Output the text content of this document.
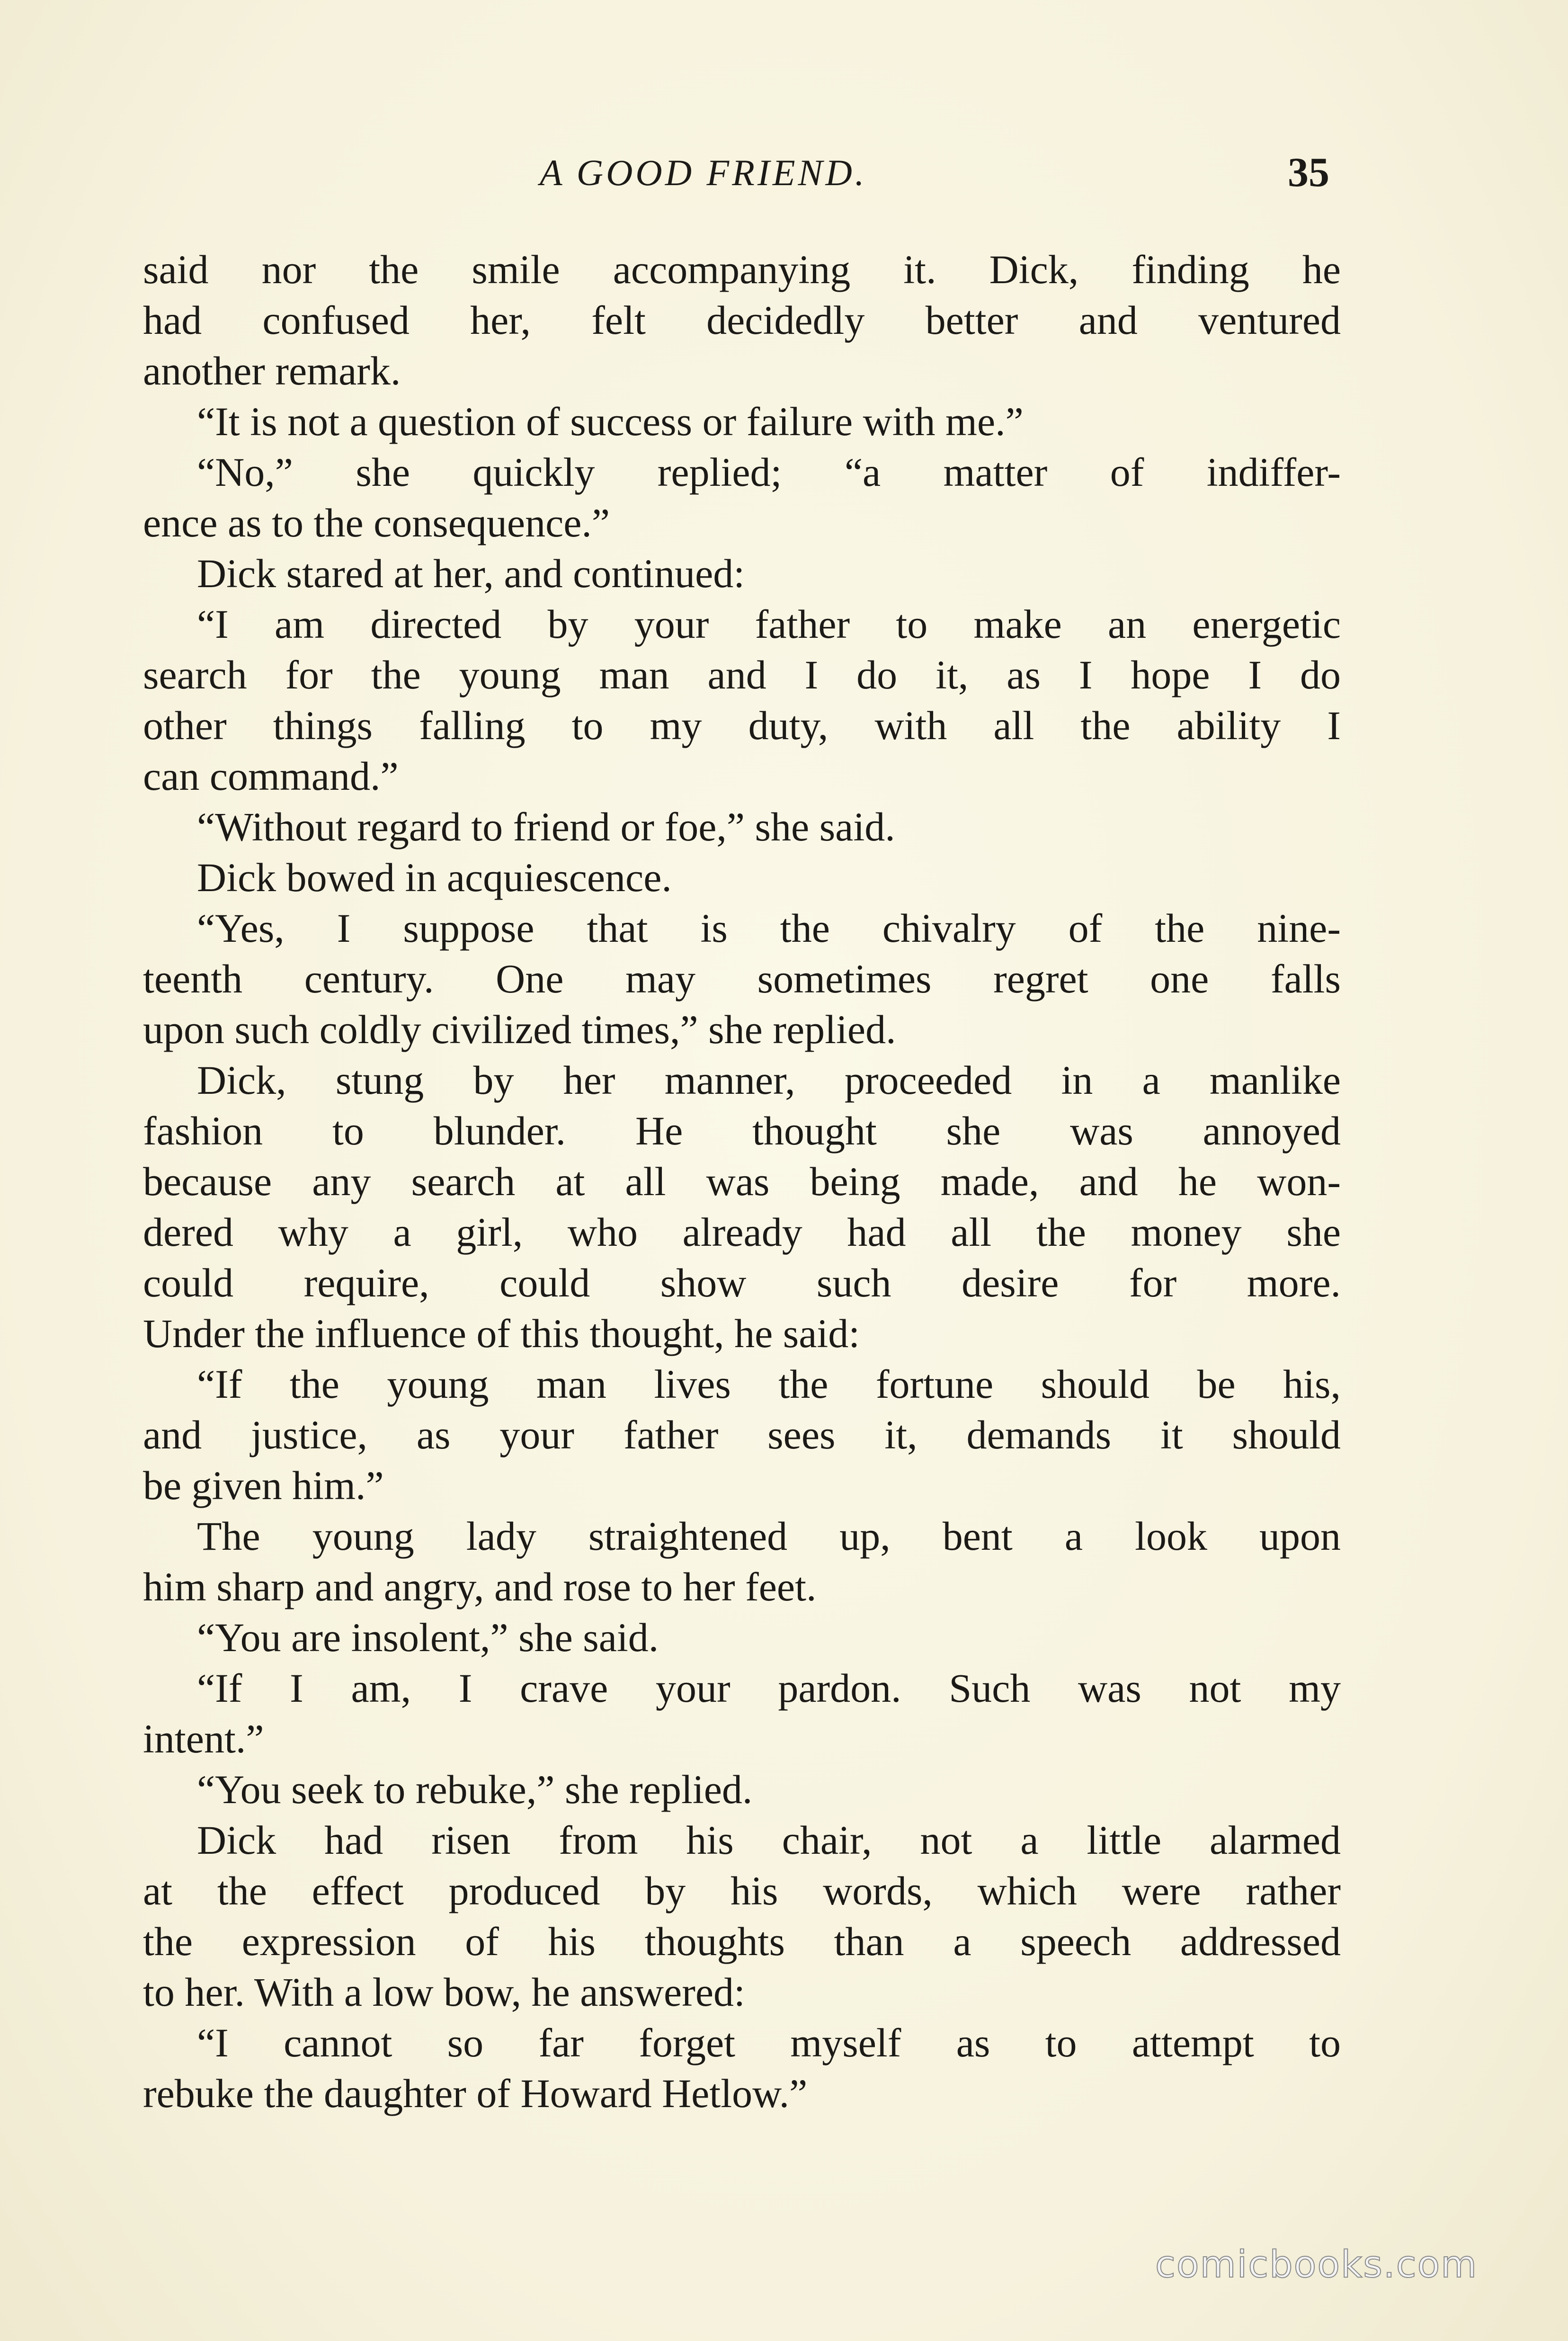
A GOOD FRIEND.	35
said nor the smile accompanying it. Dick, finding he
had confused her, felt decidedly better and ventured
another remark.
“It is not a question of success or failure with me.”
“No,” she quickly replied; “a matter of indiffer-
ence as to the consequence.”
Dick stared at her, and continued:
“I am directed by your father to make an energetic
search for the young man and I do it, as I hope I do
other things falling to my duty, with all the ability I
can command.”
“Without regard to friend or foe,” she said.
Dick bowed in acquiescence.
“Yes, I suppose that is the chivalry of the nine-
teenth century. One may sometimes regret one falls
upon such coldly civilized times,” she replied.
Dick, stung by her manner, proceeded in a manlike
fashion to blunder. He thought she was annoyed
because any search at all was being made, and he won-
dered why a girl, who already had all the money she
could require, could show such desire for more.
Under the influence of this thought, he said:
“If the young man lives the fortune should be his,
and justice, as your father sees it, demands it should
be given him.”
The young lady straightened up, bent a look upon
him sharp and angry, and rose to her feet.
“You are insolent,” she said.
“If I am, I crave your pardon. Such was not my
intent.”
“You seek to rebuke,” she replied.
Dick had risen from his chair, not a little alarmed
at the effect produced by his words, which were rather
the expression of his thoughts than a speech addressed
to her. With a low bow, he answered:
“I cannot so far forget myself as to attempt to
rebuke the daughter of Howard Hetlow.”
comicbooks.com
